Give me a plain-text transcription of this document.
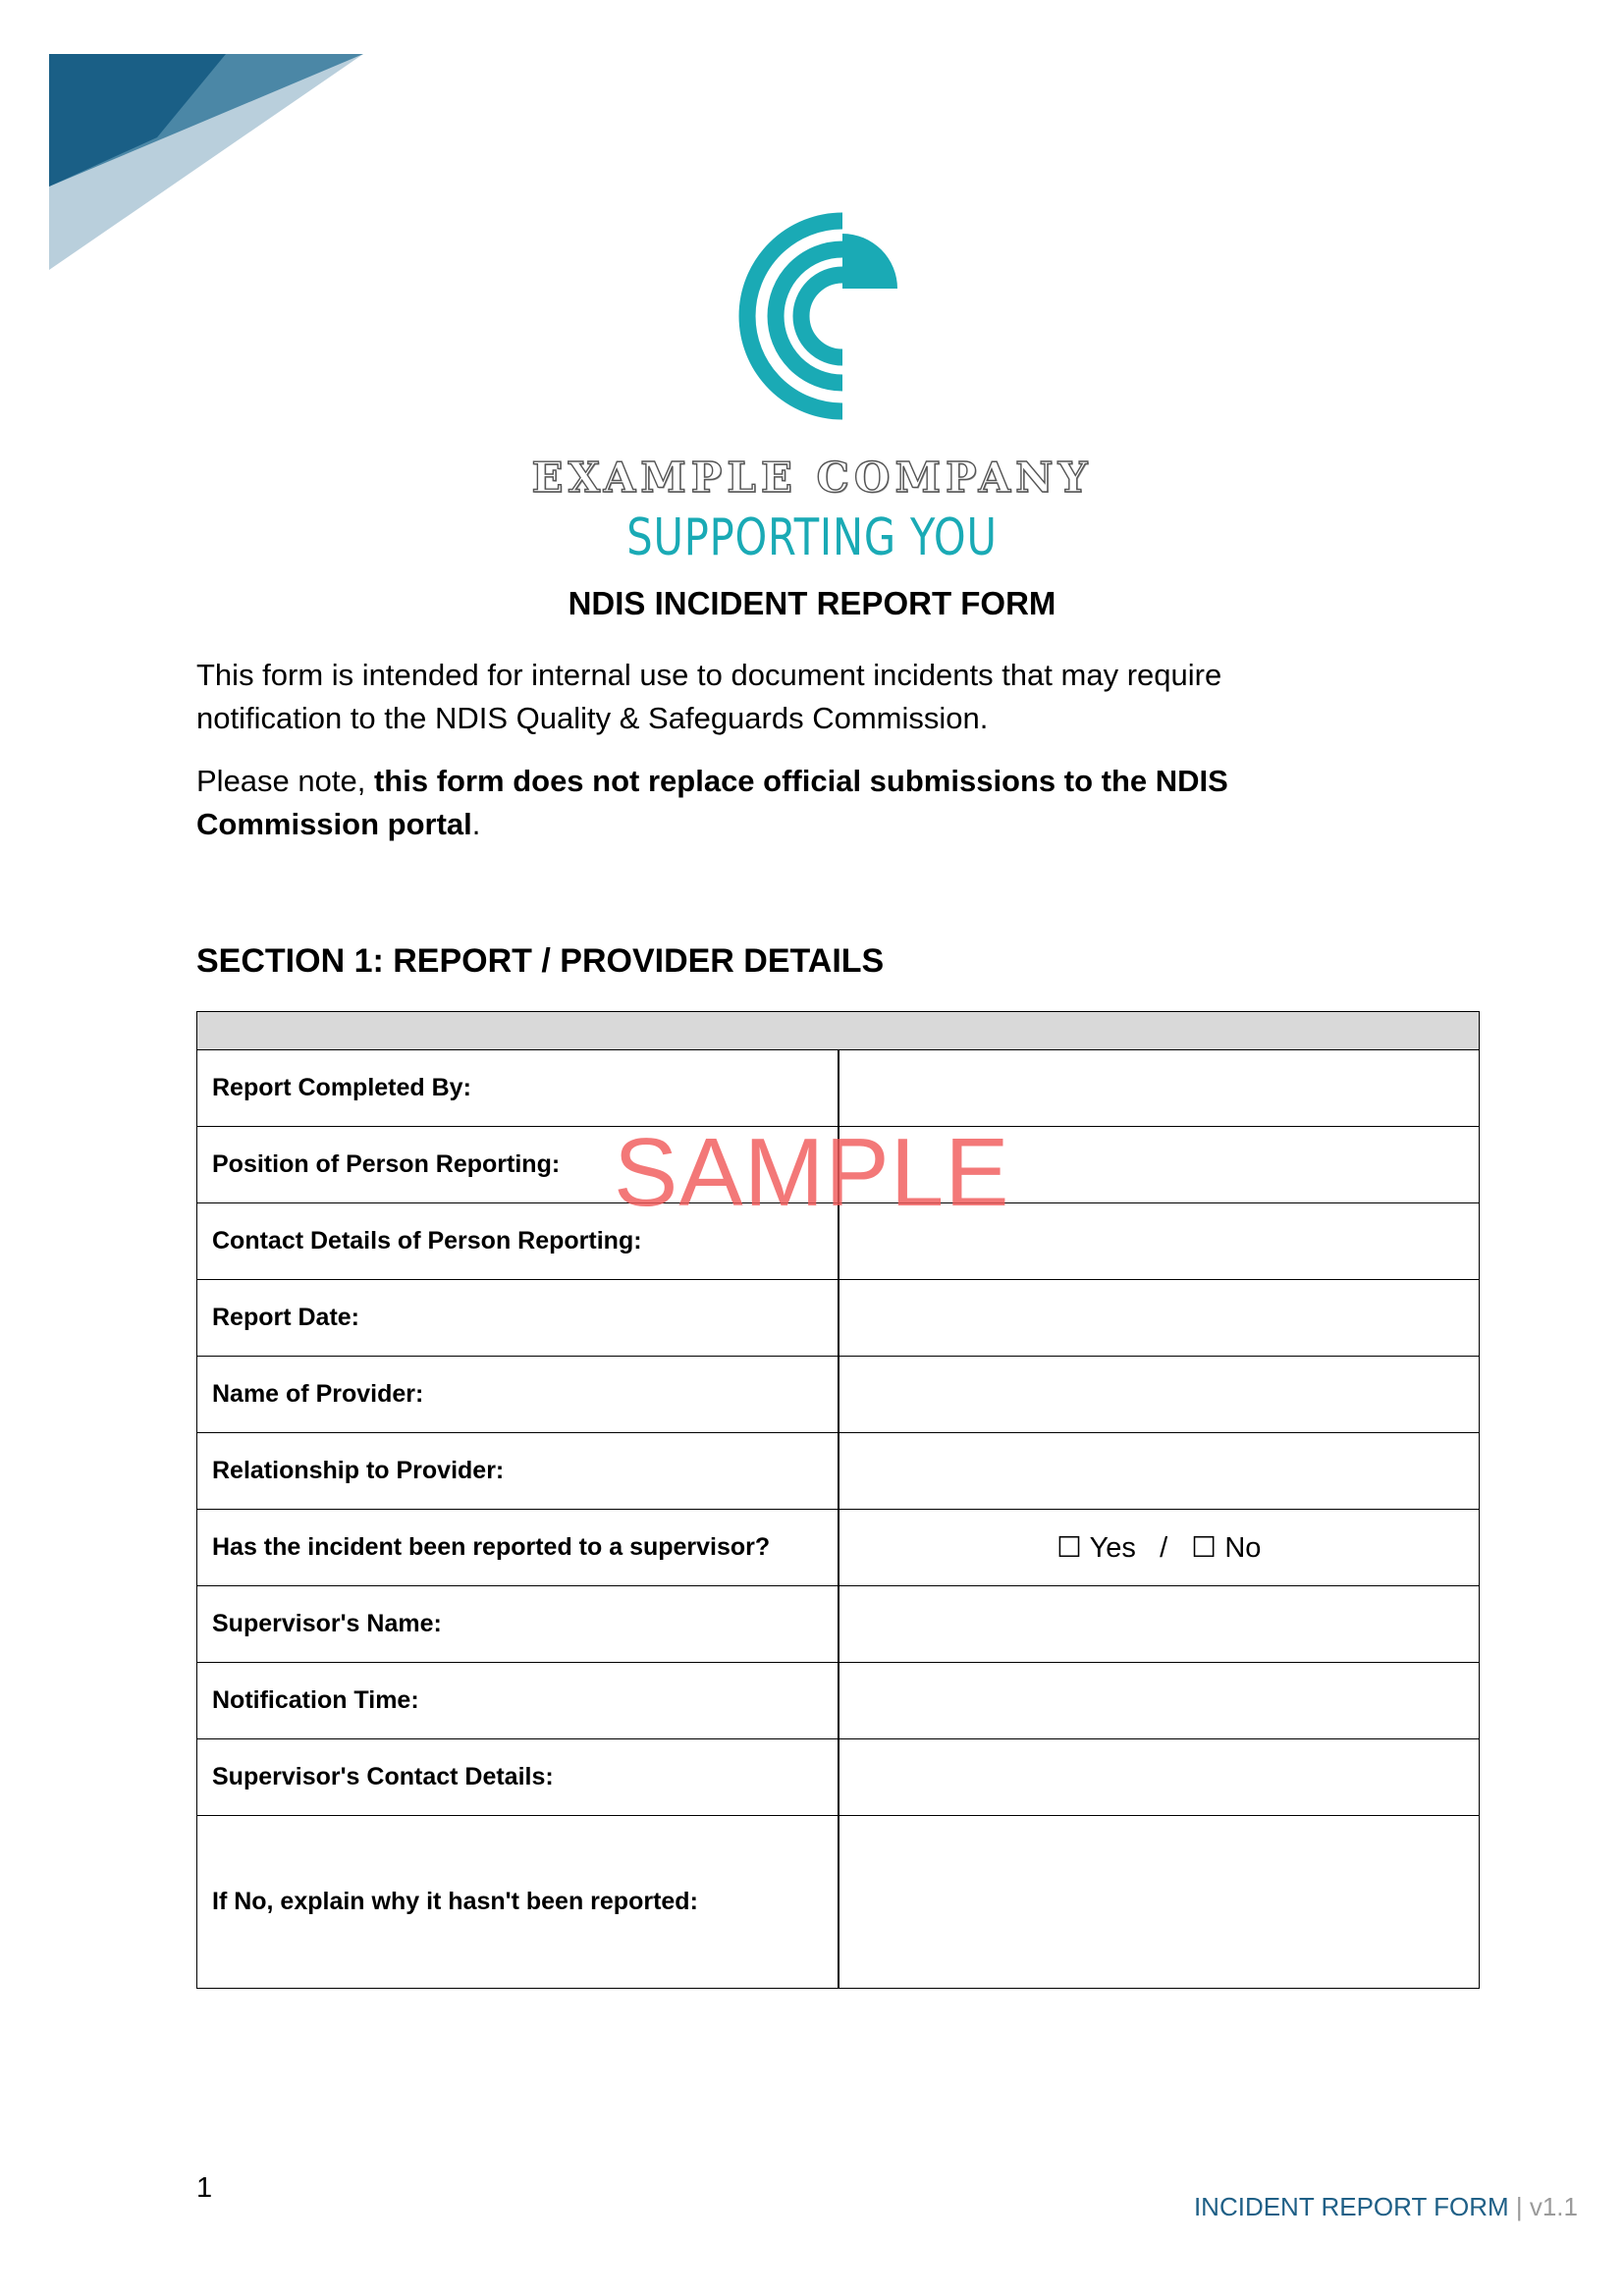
EXAMPLE COMPANY
SUPPORTING YOU
NDIS INCIDENT REPORT FORM

This form is intended for internal use to document incidents that may require notification to the NDIS Quality & Safeguards Commission.

Please note, this form does not replace official submissions to the NDIS Commission portal.

SECTION 1: REPORT / PROVIDER DETAILS

Report Completed By:	
Position of Person Reporting:	
Contact Details of Person Reporting:	
Report Date:	
Name of Provider:	
Relationship to Provider:	
Has the incident been reported to a supervisor?	☐ Yes   /   ☐ No
Supervisor's Name:	
Notification Time:	
Supervisor's Contact Details:	
If No, explain why it hasn't been reported:	
SAMPLE
1
INCIDENT REPORT FORM | v1.1
